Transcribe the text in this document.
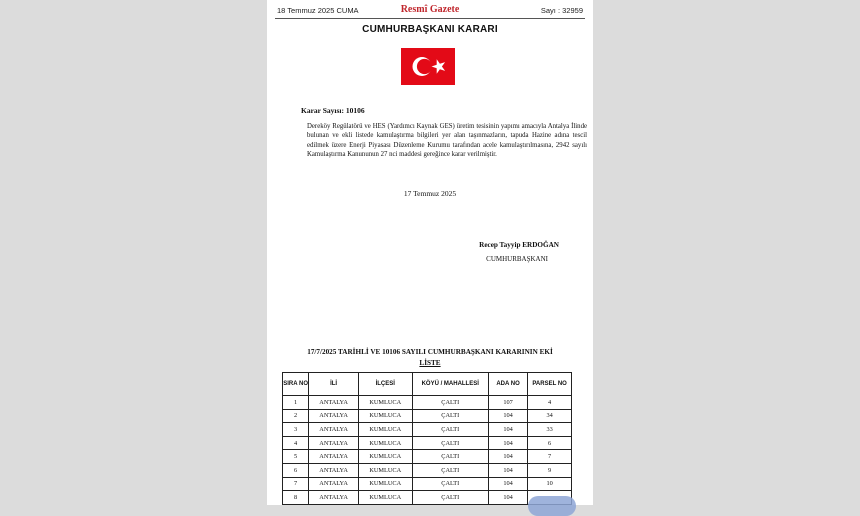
18 Temmuz 2025 CUMA	Resmî Gazete	Sayı : 32959
CUMHURBAŞKANI KARARI
Karar Sayısı: 10106
Dereköy Regülatörü ve HES (Yardımcı Kaynak GES) üretim tesisinin yapımı amacıyla Antalya İlinde bulunan ve ekli listede kamulaştırma bilgileri yer alan taşınmazların, tapuda Hazine adına tescil edilmek üzere Enerji Piyasası Düzenleme Kurumu tarafından acele kamulaştırılmasına, 2942 sayılı Kamulaştırma Kanununun 27 nci maddesi gereğince karar verilmiştir.
17 Temmuz 2025
Recep Tayyip ERDOĞAN
CUMHURBAŞKANI
17/7/2025 TARİHLİ VE 10106 SAYILI CUMHURBAŞKANI KARARININ EKİ
LİSTE
SIRA NO	İLİ	İLÇESİ	KÖYÜ / MAHALLESİ	ADA NO	PARSEL NO
1	ANTALYA	KUMLUCA	ÇALTI	107	4
2	ANTALYA	KUMLUCA	ÇALTI	104	34
3	ANTALYA	KUMLUCA	ÇALTI	104	33
4	ANTALYA	KUMLUCA	ÇALTI	104	6
5	ANTALYA	KUMLUCA	ÇALTI	104	7
6	ANTALYA	KUMLUCA	ÇALTI	104	9
7	ANTALYA	KUMLUCA	ÇALTI	104	10
8	ANTALYA	KUMLUCA	ÇALTI	104	
